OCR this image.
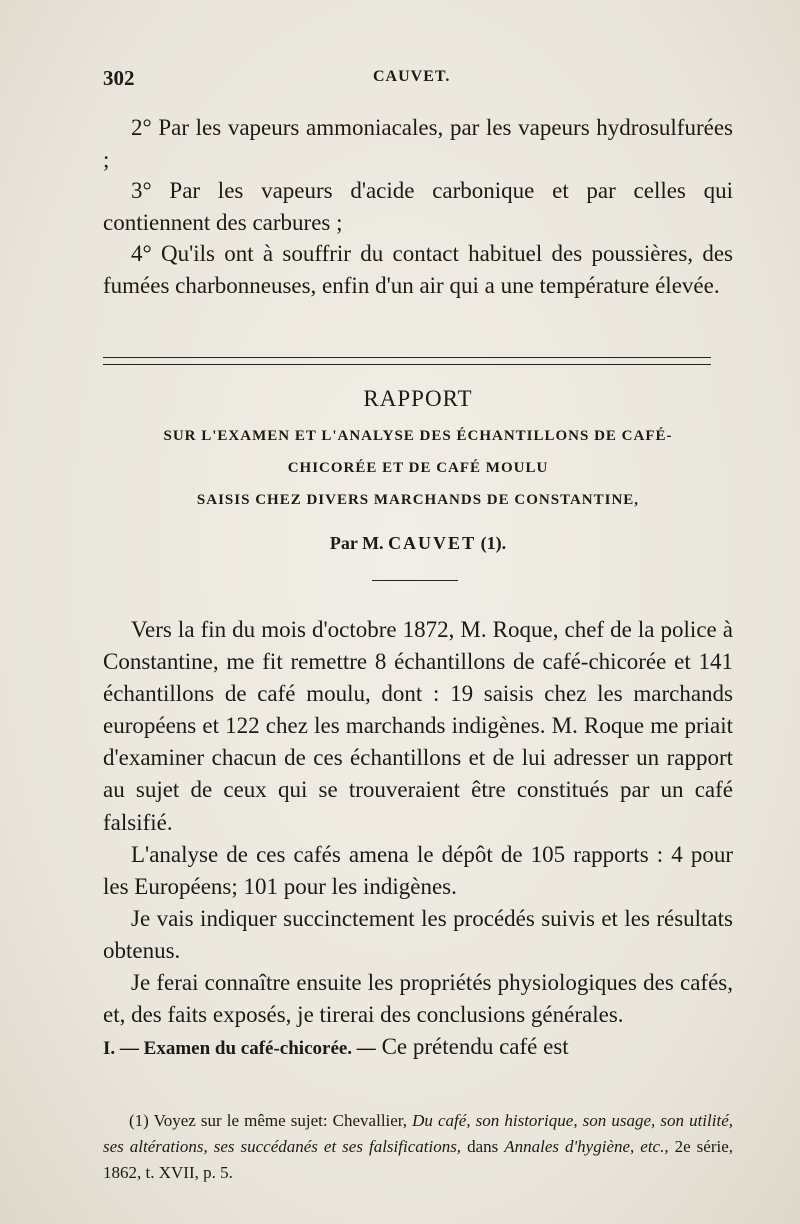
302	CAUVET.

2° Par les vapeurs ammoniacales, par les vapeurs hydrosulfurées ;

3° Par les vapeurs d'acide carbonique et par celles qui contiennent des carbures ;

4° Qu'ils ont à souffrir du contact habituel des poussières, des fumées charbonneuses, enfin d'un air qui a une température élevée.

RAPPORT
SUR L'EXAMEN ET L'ANALYSE DES ÉCHANTILLONS DE CAFÉ-
CHICORÉE ET DE CAFÉ MOULU
SAISIS CHEZ DIVERS MARCHANDS DE CONSTANTINE,
Par M. CAUVET (1).

Vers la fin du mois d'octobre 1872, M. Roque, chef de la police à Constantine, me fit remettre 8 échantillons de café-chicorée et 141 échantillons de café moulu, dont : 19 saisis chez les marchands européens et 122 chez les marchands indigènes. M. Roque me priait d'examiner chacun de ces échantillons et de lui adresser un rapport au sujet de ceux qui se trouveraient être constitués par un café falsifié.

L'analyse de ces cafés amena le dépôt de 105 rapports : 4 pour les Européens; 101 pour les indigènes.

Je vais indiquer succinctement les procédés suivis et les résultats obtenus.

Je ferai connaître ensuite les propriétés physiologiques des cafés, et, des faits exposés, je tirerai des conclusions générales.

I. — Examen du café-chicorée. — Ce prétendu café est

(1) Voyez sur le même sujet: Chevallier, Du café, son historique, son usage, son utilité, ses altérations, ses succédanés et ses falsifications, dans Annales d'hygiène, etc., 2e série, 1862, t. XVII, p. 5.
